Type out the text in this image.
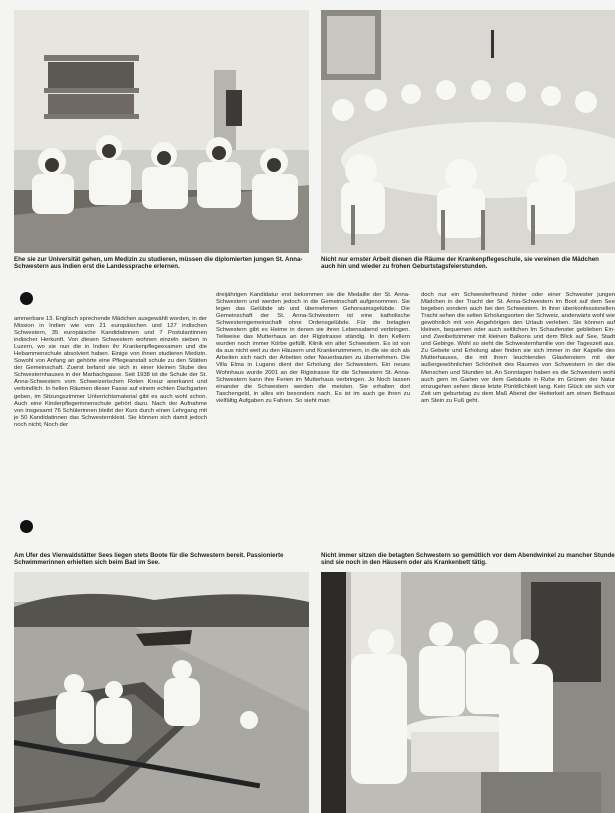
Ehe sie zur Universität gehen, um Medizin zu studieren, müssen die diplomierten jungen St. Anna-Schwestern aus Indien erst die Landessprache erlernen.
Nicht nur ernster Arbeit dienen die Räume der Krankenpflegeschule, sie vereinen die Mädchen auch hin und wieder zu frohen Geburtstagsfeierstunden.
ammerbare 13. Englisch sprechende Mädchen ausgewählt worden, in der Mission in Indien wie von 21 europäischen und 127 indischen Schwestern, 35 europäische Kandidatinnen und 7 Postulantinnen indischer Herkunft. Von diesen Schwestern wohnen einzeln sieben in Luzern, wo sie nun die in Indien ihr Krankenpflegeexamen und die Hebammenschule absolviert haben. Einige von ihnen studieren Medizin. Sowohl von Anfang an gehörte eine Pflegeanstalt schule zu den Stätten der Gemeinschaft. Zuerst befand sie sich in einer kleinen Stube des Schwesternhauses in der Marbachgasse. Seit 1938 ist die Schule der St. Anna-Schwestern vom Schweizerischen Roten Kreuz anerkannt und verbindlich. In hellen Räumen dieser Fasse auf einem echten Dachgarten geben, im Sitzungszimmer Unterrichtsmaterial gibt es auch wohl schon. Auch eine Kinderpflegerinnenschule gehört dazu. Nach der Aufnahme von insgesamt 76 Schülerinnen bleibt der Kurs durch einen Lehrgang mit je 50 Kandidatinnen das Schwesternkleid. Sie können sich damit jedoch noch nicht, Noch der
dreijährigen Kandidatur erst bekommen sie die Medaille der St. Anna-Schwestern und werden jedoch in die Gemeinschaft aufgenommen. Sie legen das Gelübde ab und übernehmen Gehorsamsgelübde. Die Gemeinschaft der St. Anna-Schwestern ist eine katholische Schwesterngemeinschaft ohne Ordensgelübde. Für die betagten Schwestern gibt es Heime in denen sie ihren Lebensabend verbringen. Teilweise das Mutterhaus an der Rigistrasse ständig. In den Kellern wurden noch immer Körbe gefüllt. Klinik ein alter Schwestern. Es ist von da aus nicht weit zu den Häusern und Krankenzimmern, in die sie sich als Arbeiten sich nach der Arbeiten oder Neuerbauten zu übernehmen. Die Villa Elma in Lugano dient der Erholung der Schwestern. Ein neues Wohnhaus wurde 2001 an der Rigistrasse für die Schwestern St. Anna-Schwestern kann ihre Ferien im Mutterhaus verbringen. Jo Noch lassen einander die Schwestern werden die meisten. Sie erhalten dort Taschengeld, in alles ein besonders nach. Es ist im auch ge ihren zu vielfältig Aufgaben zu Fahren. So sieht man
doch nur ein Schwesterfreund hinter oder einer Schwester jungen Mädchen in der Tracht der St. Anna-Schwestern im Boot auf dem See begeben sondern auch bei den Schwestern. In ihrer überkonfessionellen Tracht sehen die selten Erholungsorten der Schweiz, anderwärts wohl wie gewöhnlich mit von Angehörigen den Urlaub verleben. Sie können auf kleinen, bequemen oder auch seitlichen Im Schaufenster geblieben Ein- und Zweibettzimmer mit kleinen Balkons und dem Blick auf See, Stadt und Gebirge. Wohl so sieht die Schwesternfamilie von der Tageszeit aus. Zu Gebete und Erholung aber finden sie sich immer in der Kapelle des Mutterhauses, die mit ihren leuchtenden Glasfenstern mit der außergewöhnlichen Schönheit des Raumes von Schwestern in der die Menschen und Stunden ist. An Sonntagen haben es die Schwestern wohl auch gern im Garten vor dem Gebäude in Ruhe im Grünen der Natur einzugehen sehen diese letzte Pünktlichkeit lang. Kein Glück sie sich vor Zeit um geburtstag zu dem Maß Abend der Heiterkeit am einen Bethaus am Stein zu Fuß geht.
Am Ufer des Vierwaldstätter Sees liegen stets Boote für die Schwestern bereit. Passionierte Schwimmerinnen erhielten sich beim Bad im See.
Nicht immer sitzen die betagten Schwestern so gemütlich vor dem Abendwinkel zu mancher Stunde sind sie noch in den Häusern oder als Krankenbett tätig.
